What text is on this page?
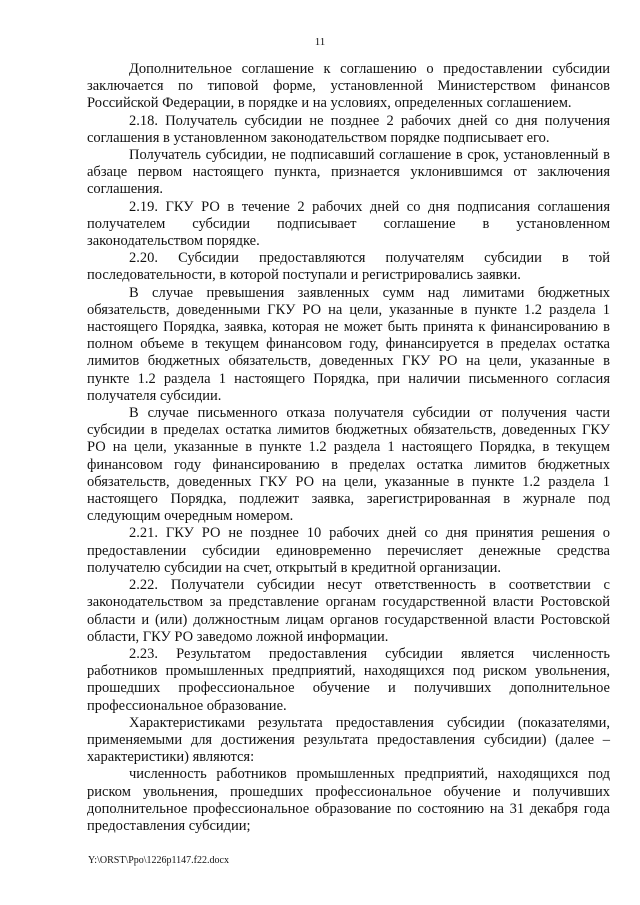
11

Дополнительное соглашение к соглашению о предоставлении субсидии заключается по типовой форме, установленной Министерством финансов Российской Федерации, в порядке и на условиях, определенных соглашением.

2.18. Получатель субсидии не позднее 2 рабочих дней со дня получения соглашения в установленном законодательством порядке подписывает его.

Получатель субсидии, не подписавший соглашение в срок, установленный в абзаце первом настоящего пункта, признается уклонившимся от заключения соглашения.

2.19. ГКУ РО в течение 2 рабочих дней со дня подписания соглашения получателем субсидии подписывает соглашение в установленном законодательством порядке.

2.20. Субсидии предоставляются получателям субсидии в той последовательности, в которой поступали и регистрировались заявки.

В случае превышения заявленных сумм над лимитами бюджетных обязательств, доведенными ГКУ РО на цели, указанные в пункте 1.2 раздела 1 настоящего Порядка, заявка, которая не может быть принята к финансированию в полном объеме в текущем финансовом году, финансируется в пределах остатка лимитов бюджетных обязательств, доведенных ГКУ РО на цели, указанные в пункте 1.2 раздела 1 настоящего Порядка, при наличии письменного согласия получателя субсидии.

В случае письменного отказа получателя субсидии от получения части субсидии в пределах остатка лимитов бюджетных обязательств, доведенных ГКУ РО на цели, указанные в пункте 1.2 раздела 1 настоящего Порядка, в текущем финансовом году финансированию в пределах остатка лимитов бюджетных обязательств, доведенных ГКУ РО на цели, указанные в пункте 1.2 раздела 1 настоящего Порядка, подлежит заявка, зарегистрированная в журнале под следующим очередным номером.

2.21. ГКУ РО не позднее 10 рабочих дней со дня принятия решения о предоставлении субсидии единовременно перечисляет денежные средства получателю субсидии на счет, открытый в кредитной организации.

2.22. Получатели субсидии несут ответственность в соответствии с законодательством за представление органам государственной власти Ростовской области и (или) должностным лицам органов государственной власти Ростовской области, ГКУ РО заведомо ложной информации.

2.23. Результатом предоставления субсидии является численность работников промышленных предприятий, находящихся под риском увольнения, прошедших профессиональное обучение и получивших дополнительное профессиональное образование.

Характеристиками результата предоставления субсидии (показателями, применяемыми для достижения результата предоставления субсидии) (далее – характеристики) являются:

численность работников промышленных предприятий, находящихся под риском увольнения, прошедших профессиональное обучение и получивших дополнительное профессиональное образование по состоянию на 31 декабря года предоставления субсидии;

Y:\ORST\Ppo\1226p1147.f22.docx
